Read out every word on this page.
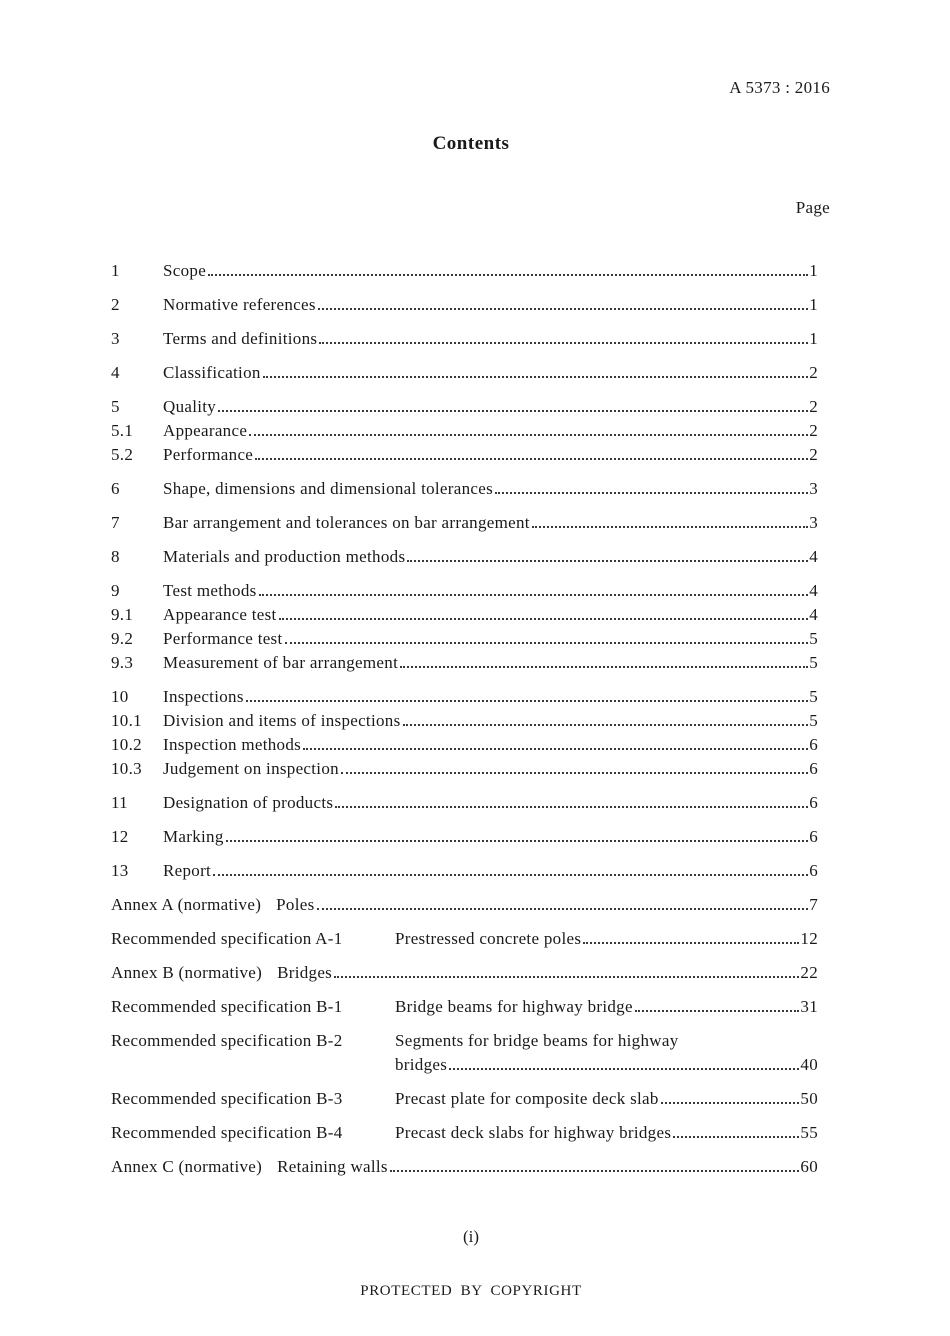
A 5373 : 2016
Contents
Page
1	Scope	1
2	Normative references	1
3	Terms and definitions	1
4	Classification	2
5	Quality	2
5.1	Appearance	2
5.2	Performance	2
6	Shape, dimensions and dimensional tolerances	3
7	Bar arrangement and tolerances on bar arrangement	3
8	Materials and production methods	4
9	Test methods	4
9.1	Appearance test	4
9.2	Performance test	5
9.3	Measurement of bar arrangement	5
10	Inspections	5
10.1	Division and items of inspections	5
10.2	Inspection methods	6
10.3	Judgement on inspection	6
11	Designation of products	6
12	Marking	6
13	Report	6
Annex A (normative) Poles	7
Recommended specification A-1	Prestressed concrete poles	12
Annex B (normative) Bridges	22
Recommended specification B-1	Bridge beams for highway bridge	31
Recommended specification B-2	Segments for bridge beams for highway
bridges	40
Recommended specification B-3	Precast plate for composite deck slab	50
Recommended specification B-4	Precast deck slabs for highway bridges	55
Annex C (normative) Retaining walls	60
(i)
PROTECTED BY COPYRIGHT
